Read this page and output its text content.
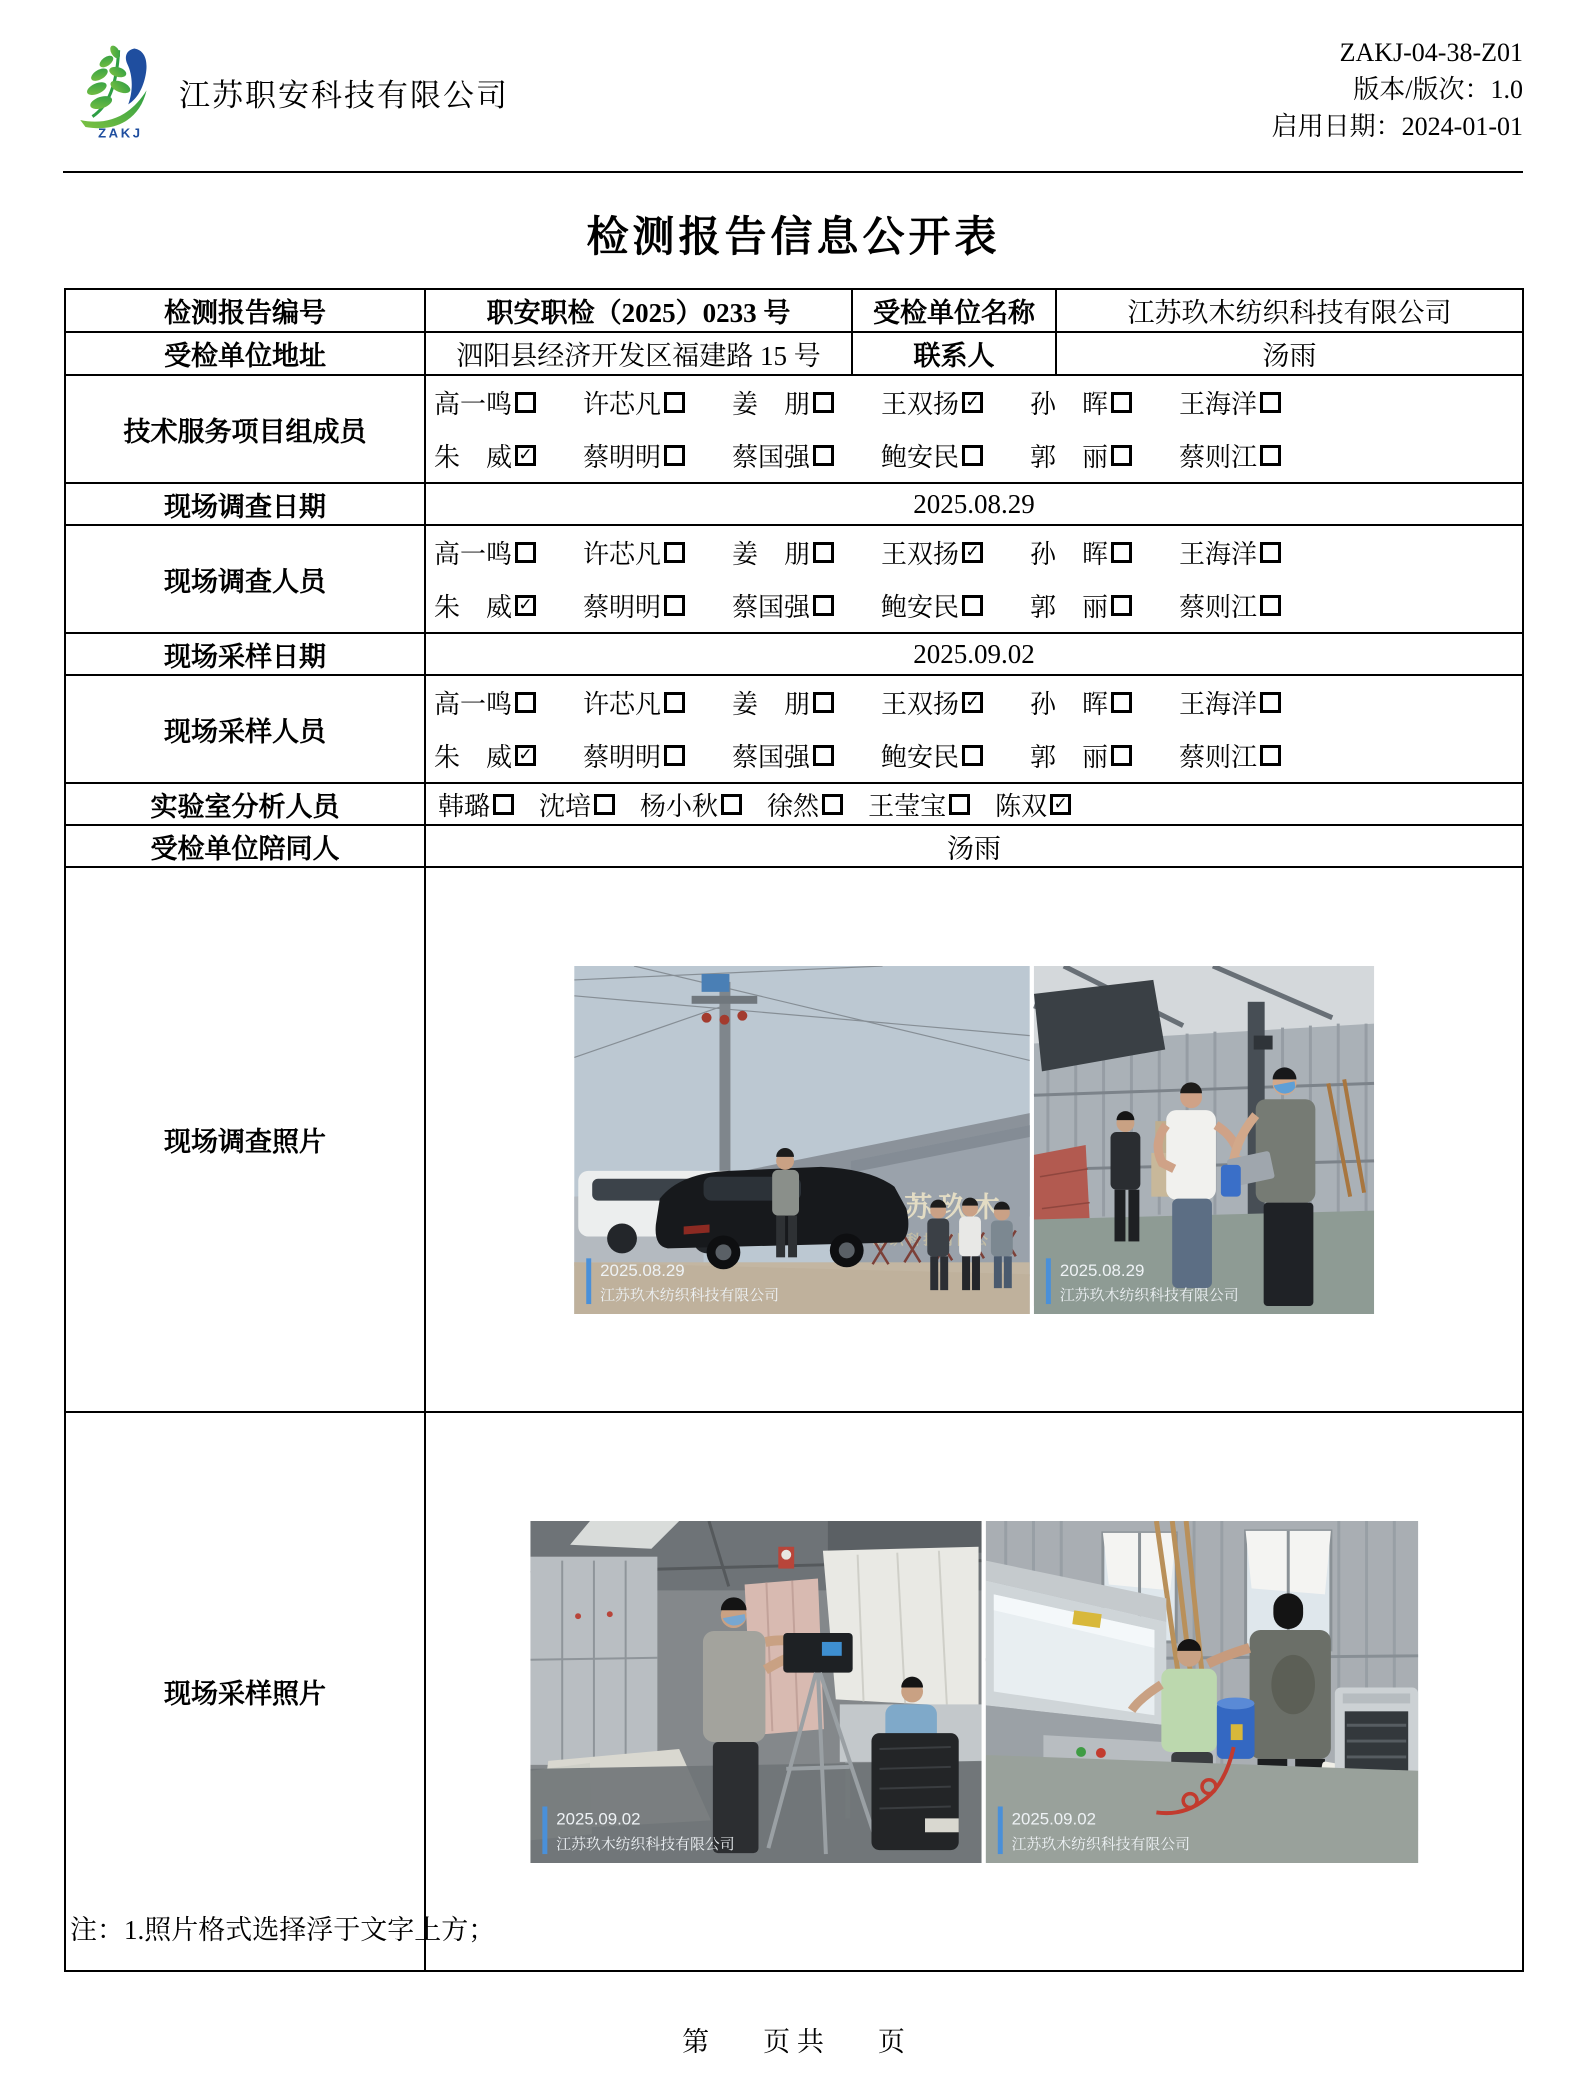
ZAKJ
江苏职安科技有限公司
ZAKJ-04-38-Z01
版本/版次：1.0
启用日期：2024-01-01
检测报告信息公开表
检测报告编号	职安职检（2025）0233 号	受检单位名称	江苏玖木纺织科技有限公司
受检单位地址	泗阳县经济开发区福建路 15 号	联系人	汤雨
技术服务项目组成员	
高一鸣	许芯凡	姜　朋	王双扬 ✓ 孙　晖	王海洋
朱　威 ✓ 蔡明明	蔡国强	鲍安民	郭　丽	蔡则江

现场调查日期	2025.08.29		
现场调查人员	
高一鸣	许芯凡	姜　朋	王双扬 ✓ 孙　晖	王海洋
朱　威 ✓ 蔡明明	蔡国强	鲍安民	郭　丽	蔡则江

现场采样日期	2025.09.02		
现场采样人员	
高一鸣	许芯凡	姜　朋	王双扬 ✓ 孙　晖	王海洋
朱　威 ✓ 蔡明明	蔡国强	鲍安民	郭　丽	蔡则江

实验室分析人员	韩璐 沈培 杨小秋 徐然 王莹宝 陈双 ✓

受检单位陪同人	汤雨		
现场调查照片	
2025.08.29
江苏玖木纺织科技有限公司
2025.08.29
江苏玖木纺织科技有限公司

现场采样照片	2025.09.02
江苏玖木纺织科技有限公司
2025.09.02
江苏玖木纺织科技有限公司		
注：1.照片格式选择浮于文字上方；
第　　页 共　　页
